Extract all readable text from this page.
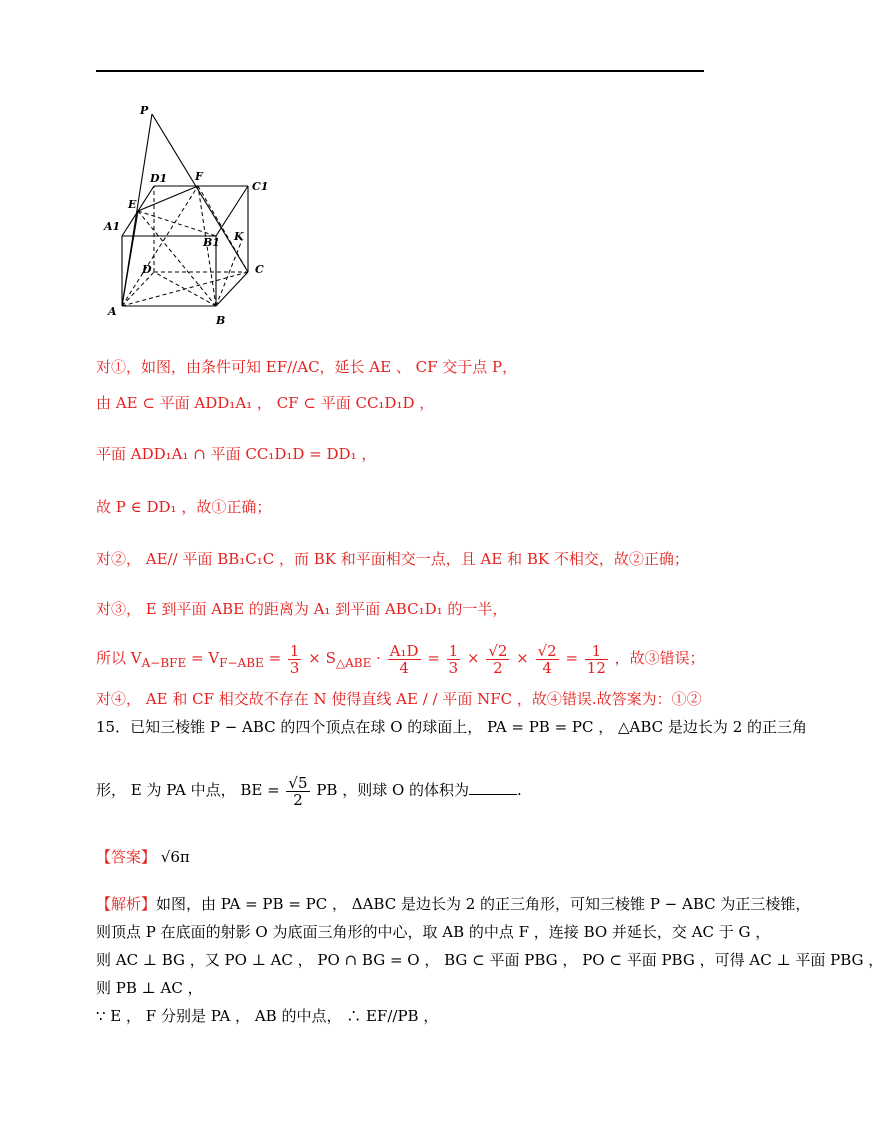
P
D1	F
C1
E
A1
B1 K
D	C
A
B
对①，如图，由条件可知 EF//AC，延长 AE 、 CF 交于点 P，
由 AE ⊂ 平面 ADD₁A₁ ， CF ⊂ 平面 CC₁D₁D ，
平面 ADD₁A₁ ∩ 平面 CC₁D₁D = DD₁ ，
故 P ∈ DD₁ ，故①正确；
对②， AE// 平面 BB₁C₁C ，而 BK 和平面相交一点，且 AE 和 BK 不相交，故②正确；
对③， E 到平面 ABE 的距离为 A₁ 到平面 ABC₁D₁ 的一半，
所以 $V_{A-BFE} = V_{F-ABE} = \frac{1}{3} \times S_{\triangle ABE} \cdot \frac{\text{A₁D}}{4} = \frac{1}{3} \times \frac{√2}{2} \times \frac{√2}{4} = \frac{1}{12}$ ，故③错误；
对④， AE 和 CF 相交故不存在 N 使得直线 AE / / 平面 NFC ，故④错误.故答案为：①②
15．已知三棱锥 P − ABC 的四个顶点在球 O 的球面上， PA = PB = PC ， △ABC 是边长为 2 的正三角
形， E 为 PA 中点， BE = $\frac{√5}{2}$ PB ，则球 O 的体积为	.
【答案】 √6π
【解析】如图，由 PA = PB = PC ， ΔABC 是边长为 2 的正三角形，可知三棱锥 P − ABC 为正三棱锥，
则顶点 P 在底面的射影 O 为底面三角形的中心，取 AB 的中点 F ，连接 BO 并延长，交 AC 于 G ，
则 AC ⊥ BG ，又 PO ⊥ AC ， PO ∩ BG = O ， BG ⊂ 平面 PBG ， PO ⊂ 平面 PBG ，可得 AC ⊥ 平面 PBG ，
则 PB ⊥ AC ，
∵ E ， F 分别是 PA ， AB 的中点， ∴ EF//PB ，
